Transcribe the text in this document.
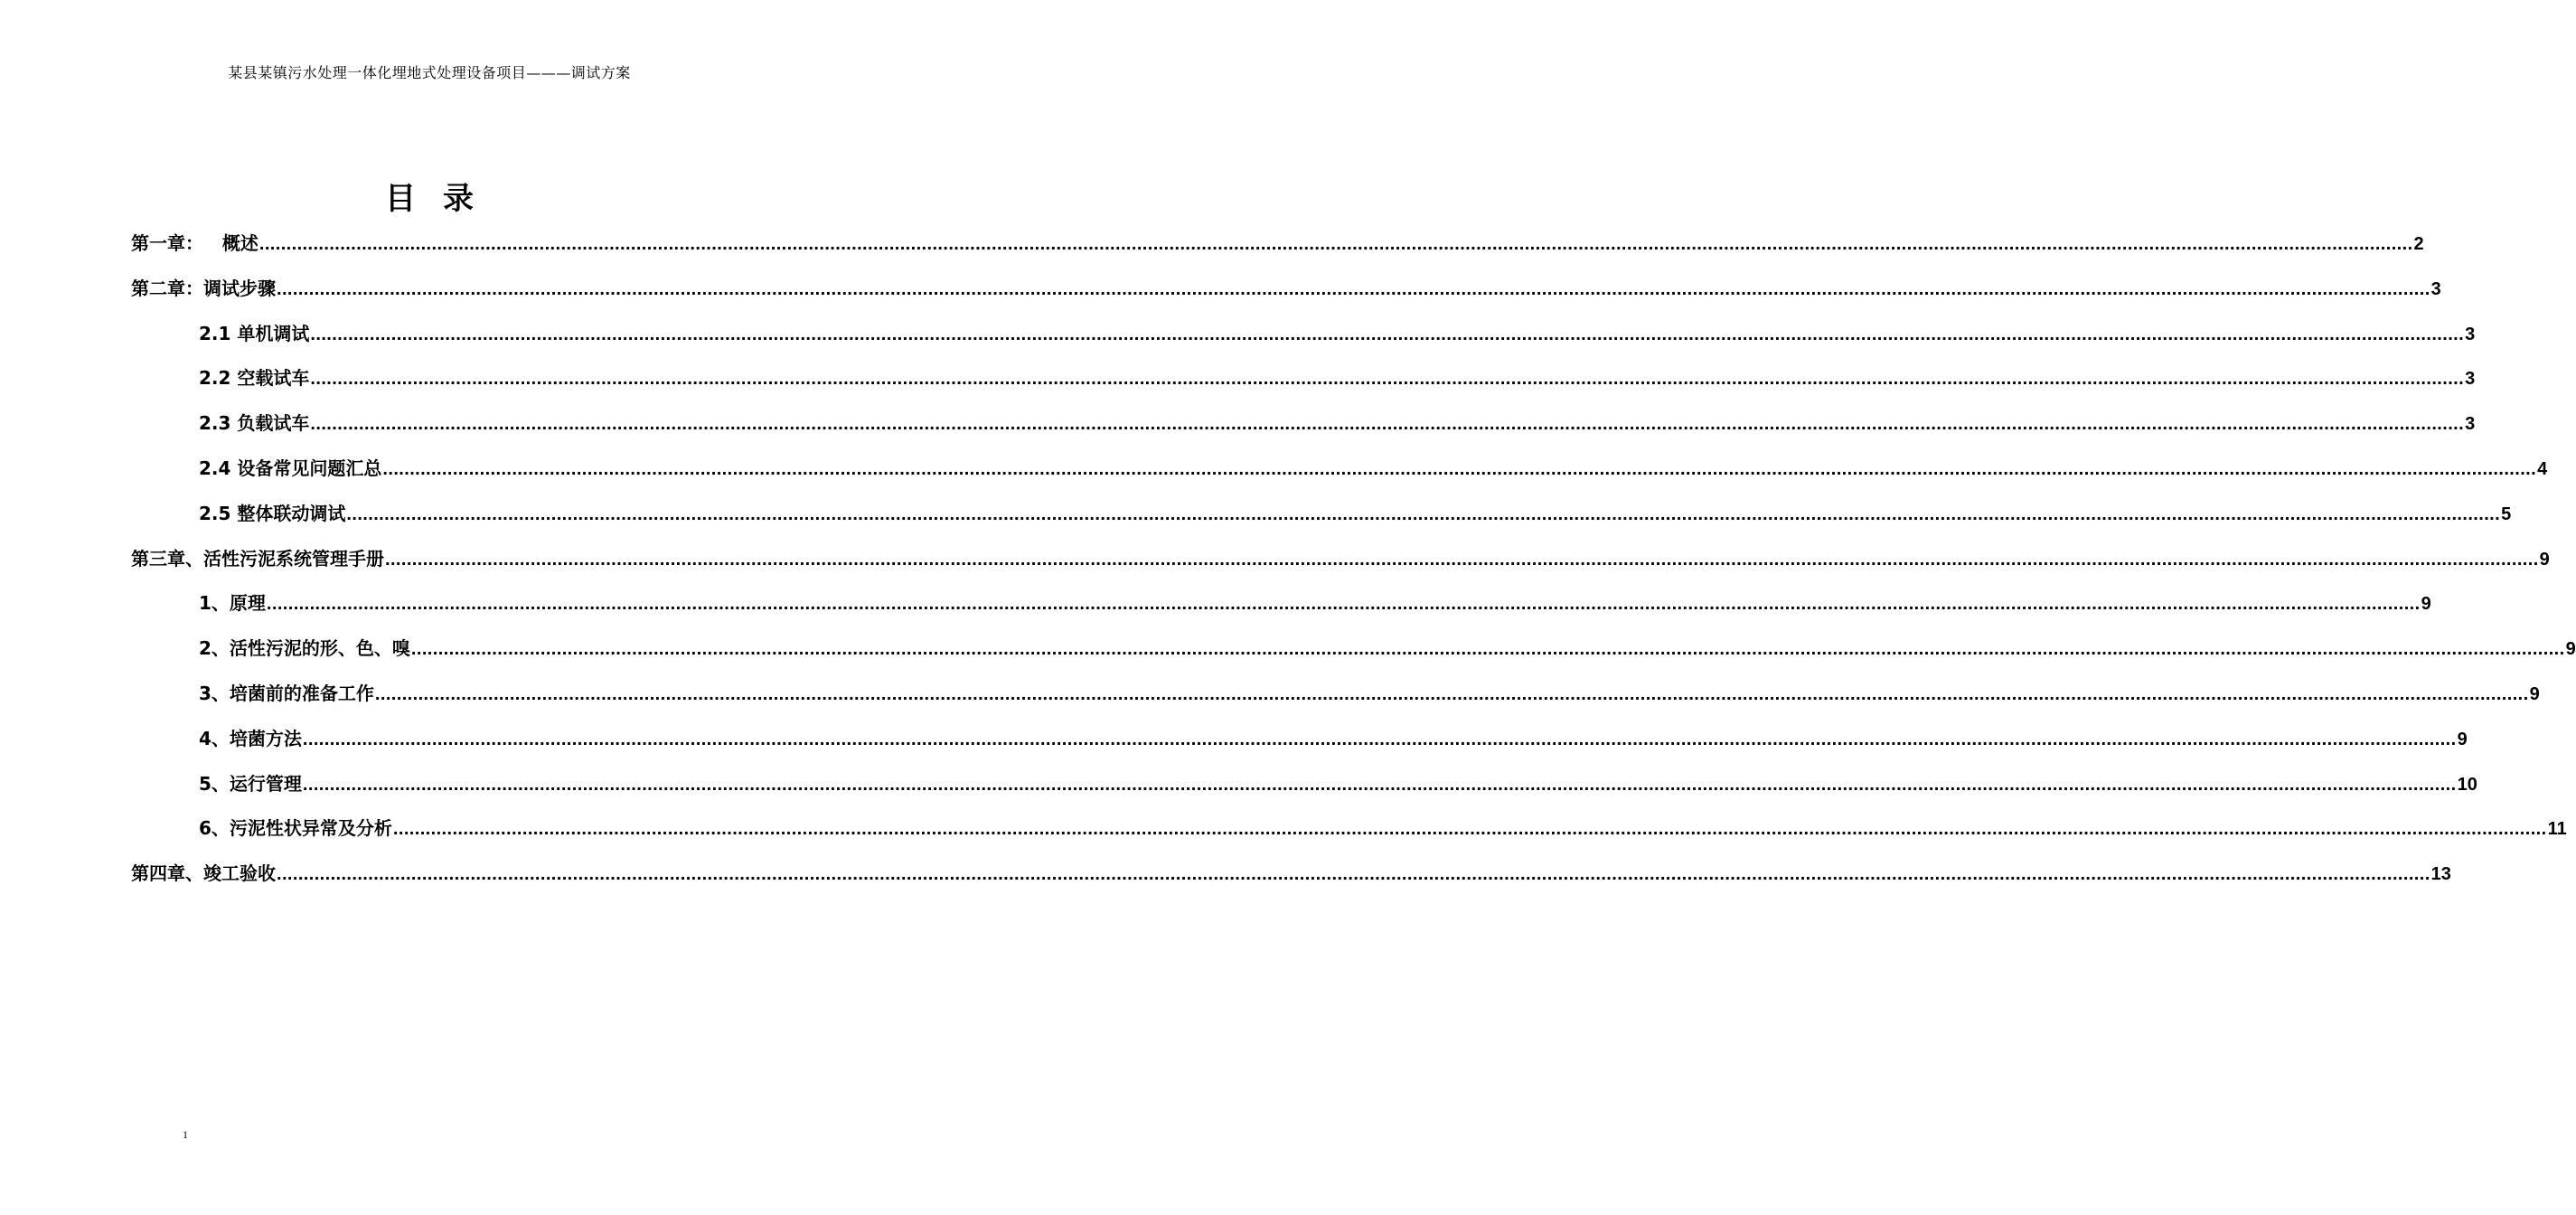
某县某镇污水处理一体化埋地式处理设备项目———调试方案
目录
第一章：   概述 ................................................................................................................................................................................................................................................................................................................................................................................................................ 2
第二章：调试步骤 ................................................................................................................................................................................................................................................................................................................................................................................................................ 3
2.1 单机调试 ................................................................................................................................................................................................................................................................................................................................................................................................................ 3
2.2 空载试车 ................................................................................................................................................................................................................................................................................................................................................................................................................ 3
2.3 负载试车 ................................................................................................................................................................................................................................................................................................................................................................................................................ 3
2.4 设备常见问题汇总 ................................................................................................................................................................................................................................................................................................................................................................................................................ 4
2.5 整体联动调试 ................................................................................................................................................................................................................................................................................................................................................................................................................ 5
第三章、活性污泥系统管理手册 ................................................................................................................................................................................................................................................................................................................................................................................................................ 9
1、原理 ................................................................................................................................................................................................................................................................................................................................................................................................................ 9
2、活性污泥的形、色、嗅 ................................................................................................................................................................................................................................................................................................................................................................................................................ 9
3、培菌前的准备工作 ................................................................................................................................................................................................................................................................................................................................................................................................................ 9
4、培菌方法 ................................................................................................................................................................................................................................................................................................................................................................................................................ 9
5、运行管理 ................................................................................................................................................................................................................................................................................................................................................................................................................ 10
6、污泥性状异常及分析 ................................................................................................................................................................................................................................................................................................................................................................................................................ 11
第四章、竣工验收 ................................................................................................................................................................................................................................................................................................................................................................................................................ 13
1
